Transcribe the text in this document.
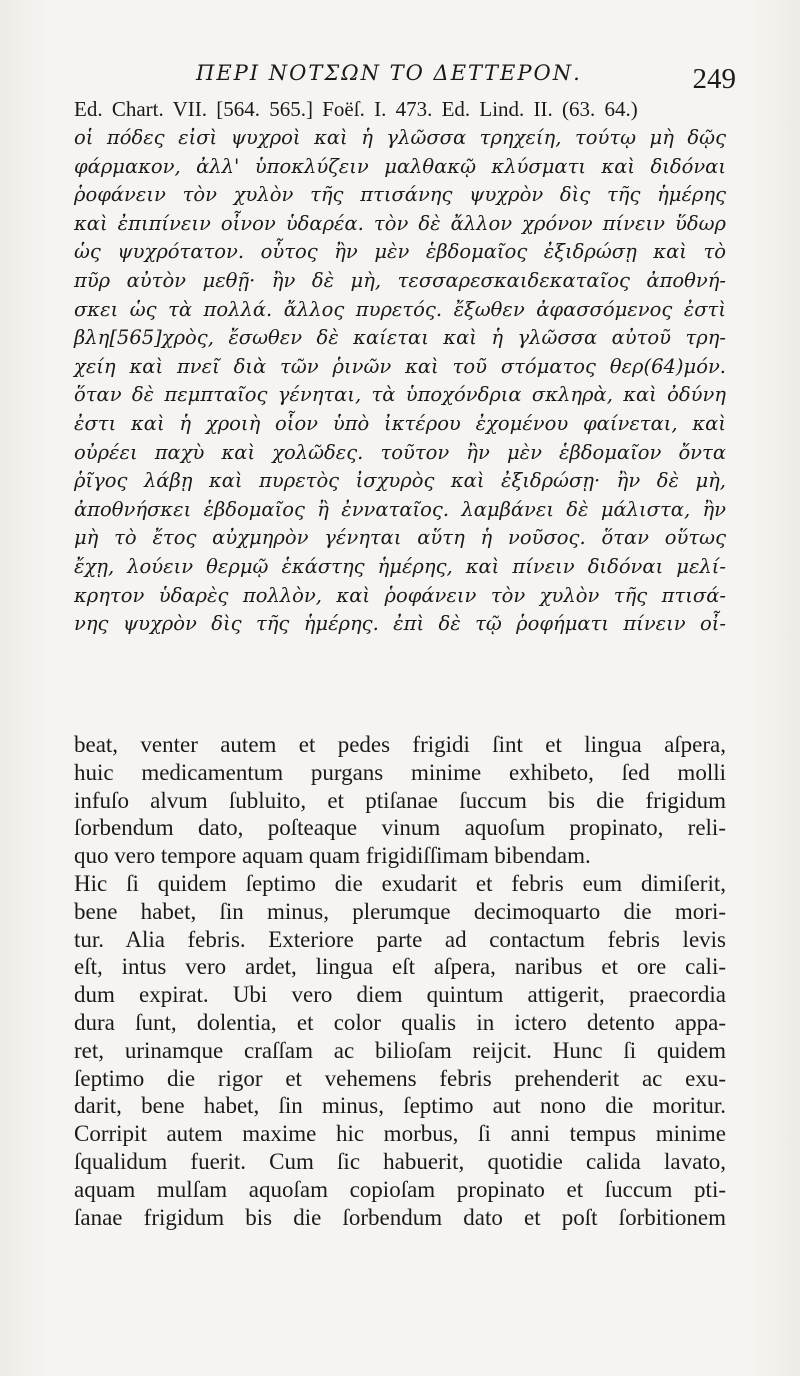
ΠΕΡΙ ΝΟΤΣΩΝ ΤΟ ΔΕΤΤΕΡΟΝ.	249
Ed. Chart. VII. [564. 565.] Foëſ. I. 473. Ed. Lind. II. (63. 64.)
οἱ πόδες εἰσὶ ψυχροὶ καὶ ἡ γλῶσσα τρηχείη, τούτῳ μὴ δῷς
φάρμακον, ἀλλ' ὑποκλύζειν μαλθακῷ κλύσματι καὶ διδόναι
ῥοφάνειν τὸν χυλὸν τῆς πτισάνης ψυχρὸν δὶς τῆς ἡμέρης
καὶ ἐπιπίνειν οἶνον ὑδαρέα. τὸν δὲ ἄλλον χρόνον πίνειν ὕδωρ
ὡς ψυχρότατον. οὗτος ἢν μὲν ἑβδομαῖος ἐξιδρώσῃ καὶ τὸ
πῦρ αὐτὸν μεθῇ· ἢν δὲ μὴ, τεσσαρεσκαιδεκαταῖος ἀποθνή-
σκει ὡς τὰ πολλά. ἄλλος πυρετός. ἔξωθεν ἀφασσόμενος ἐστὶ
βλη[565]χρὸς, ἔσωθεν δὲ καίεται καὶ ἡ γλῶσσα αὐτοῦ τρη-
χείη καὶ πνεῖ διὰ τῶν ῥινῶν καὶ τοῦ στόματος θερ(64)μόν.
ὅταν δὲ πεμπταῖος γένηται, τὰ ὑποχόνδρια σκληρὰ, καὶ ὀδύνη
ἐστι καὶ ἡ χροιὴ οἷον ὑπὸ ἰκτέρου ἐχομένου φαίνεται, καὶ
οὐρέει παχὺ καὶ χολῶδες. τοῦτον ἢν μὲν ἑβδομαῖον ὄντα
ῥῖγος λάβῃ καὶ πυρετὸς ἰσχυρὸς καὶ ἐξιδρώσῃ· ἢν δὲ μὴ,
ἀποθνήσκει ἑβδομαῖος ἢ ἐνναταῖος. λαμβάνει δὲ μάλιστα, ἢν
μὴ τὸ ἔτος αὐχμηρὸν γένηται αὕτη ἡ νοῦσος. ὅταν οὕτως
ἔχῃ, λούειν θερμῷ ἑκάστης ἡμέρης, καὶ πίνειν διδόναι μελί-
κρητον ὑδαρὲς πολλὸν, καὶ ῥοφάνειν τὸν χυλὸν τῆς πτισά-
νης ψυχρὸν δὶς τῆς ἡμέρης. ἐπὶ δὲ τῷ ῥοφήματι πίνειν οἶ-
beat, venter autem et pedes frigidi ſint et lingua aſpera,
huic medicamentum purgans minime exhibeto, ſed molli
infuſo alvum ſubluito, et ptiſanae ſuccum bis die frigidum
ſorbendum dato, poſteaque vinum aquoſum propinato, reli-
quo vero tempore aquam quam frigidiſſimam bibendam.
Hic ſi quidem ſeptimo die exudarit et febris eum dimiſerit,
bene habet, ſin minus, plerumque decimoquarto die mori-
tur. Alia febris. Exteriore parte ad contactum febris levis
eſt, intus vero ardet, lingua eſt aſpera, naribus et ore cali-
dum expirat. Ubi vero diem quintum attigerit, praecordia
dura ſunt, dolentia, et color qualis in ictero detento appa-
ret, urinamque craſſam ac bilioſam reijcit. Hunc ſi quidem
ſeptimo die rigor et vehemens febris prehenderit ac exu-
darit, bene habet, ſin minus, ſeptimo aut nono die moritur.
Corripit autem maxime hic morbus, ſi anni tempus minime
ſqualidum fuerit. Cum ſic habuerit, quotidie calida lavato,
aquam mulſam aquoſam copioſam propinato et ſuccum pti-
ſanae frigidum bis die ſorbendum dato et poſt ſorbitionem
